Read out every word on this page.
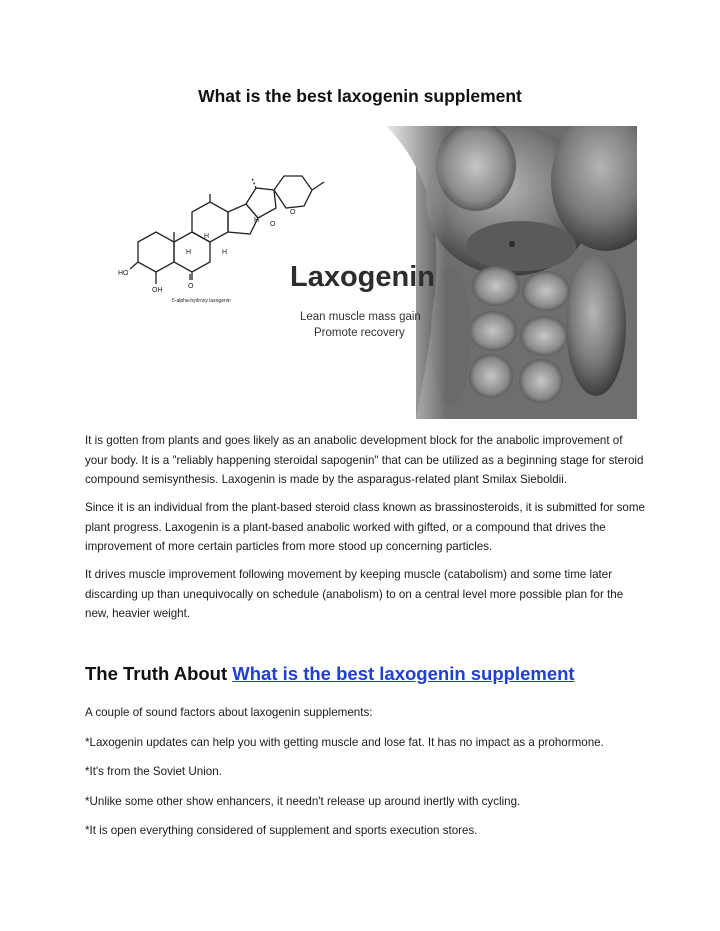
What is the best laxogenin supplement
HO
OH
O
O
O
H
H
H
H
5-alpha-hydroxy laxogenin
Laxogenin
Lean muscle mass gain
Promote recovery
It is gotten from plants and goes likely as an anabolic development block for the anabolic improvement of your body. It is a "reliably happening steroidal sapogenin" that can be utilized as a beginning stage for steroid compound semisynthesis. Laxogenin is made by the asparagus-related plant Smilax Sieboldii.
Since it is an individual from the plant-based steroid class known as brassinosteroids, it is submitted for some plant progress. Laxogenin is a plant-based anabolic worked with gifted, or a compound that drives the improvement of more certain particles from more stood up concerning particles.
It drives muscle improvement following movement by keeping muscle (catabolism) and some time later discarding up than unequivocally on schedule (anabolism) to on a central level more possible plan for the new, heavier weight.
The Truth About What is the best laxogenin supplement
A couple of sound factors about laxogenin supplements:
*Laxogenin updates can help you with getting muscle and lose fat. It has no impact as a prohormone.
*It's from the Soviet Union.
*Unlike some other show enhancers, it needn't release up around inertly with cycling.
*It is open everything considered of supplement and sports execution stores.
